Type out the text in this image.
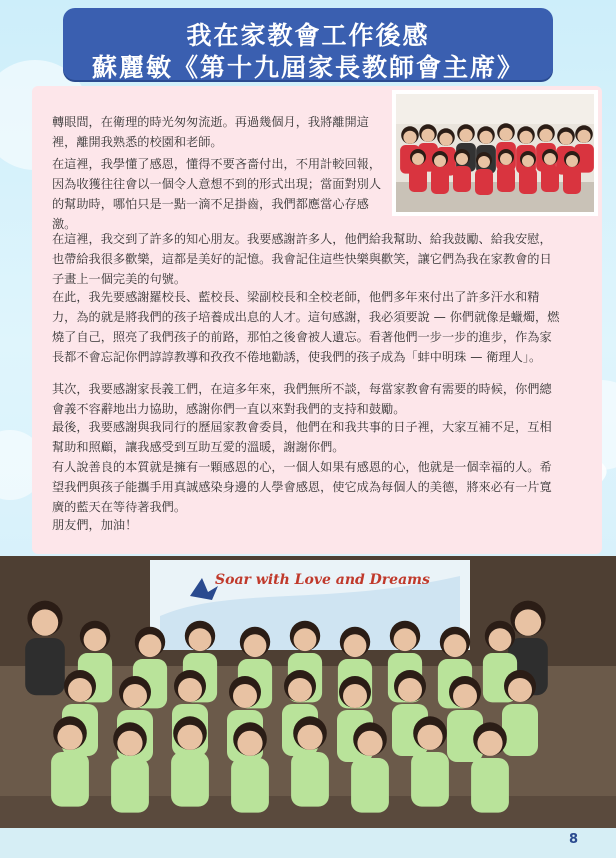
我在家教會工作後感
蘇麗敏《第十九屆家長教師會主席》

轉眼間，在衛理的時光匆匆流逝。再過幾個月，我將離開這裡，離開我熟悉的校園和老師。

在這裡，我學懂了感恩，懂得不要吝嗇付出，不用計較回報，因為收獲往往會以一個令人意想不到的形式出現；當面對別人的幫助時，哪怕只是一點一滴不足掛齒，我們都應當心存感激。

在這裡，我交到了許多的知心朋友。我要感謝許多人，他們給我幫助、給我鼓勵、給我安慰，也帶給我很多歡樂，這都是美好的記憶。我會記住這些快樂與歡笑，讓它們為我在家教會的日子畫上一個完美的句號。

在此，我先要感謝羅校長、藍校長、梁副校長和全校老師，他們多年來付出了許多汗水和精力，為的就是將我們的孩子培養成出息的人才。這句感謝，我必須要說 — 你們就像是蠟燭，燃燒了自己，照亮了我們孩子的前路，那怕之後會被人遺忘。看著他們一步一步的進步，作為家長都不會忘記你們諄諄教導和孜孜不倦地勸誘，使我們的孩子成為「蚌中明珠 — 衛理人」。

其次，我要感謝家長義工們，在這多年來，我們無所不談，每當家教會有需要的時候，你們總會義不容辭地出力協助，感謝你們一直以來對我們的支持和鼓勵。

最後，我要感謝與我同行的歷屆家教會委員，他們在和我共事的日子裡，大家互補不足，互相幫助和照顧，讓我感受到互助互愛的溫暖，謝謝你們。

有人說善良的本質就是擁有一顆感恩的心，一個人如果有感恩的心，他就是一個幸福的人。希望我們與孩子能攜手用真誠感染身邊的人學會感恩，使它成為每個人的美德，將來必有一片寬廣的藍天在等待著我們。

朋友們，加油！

Soar with Love and Dreams
8
